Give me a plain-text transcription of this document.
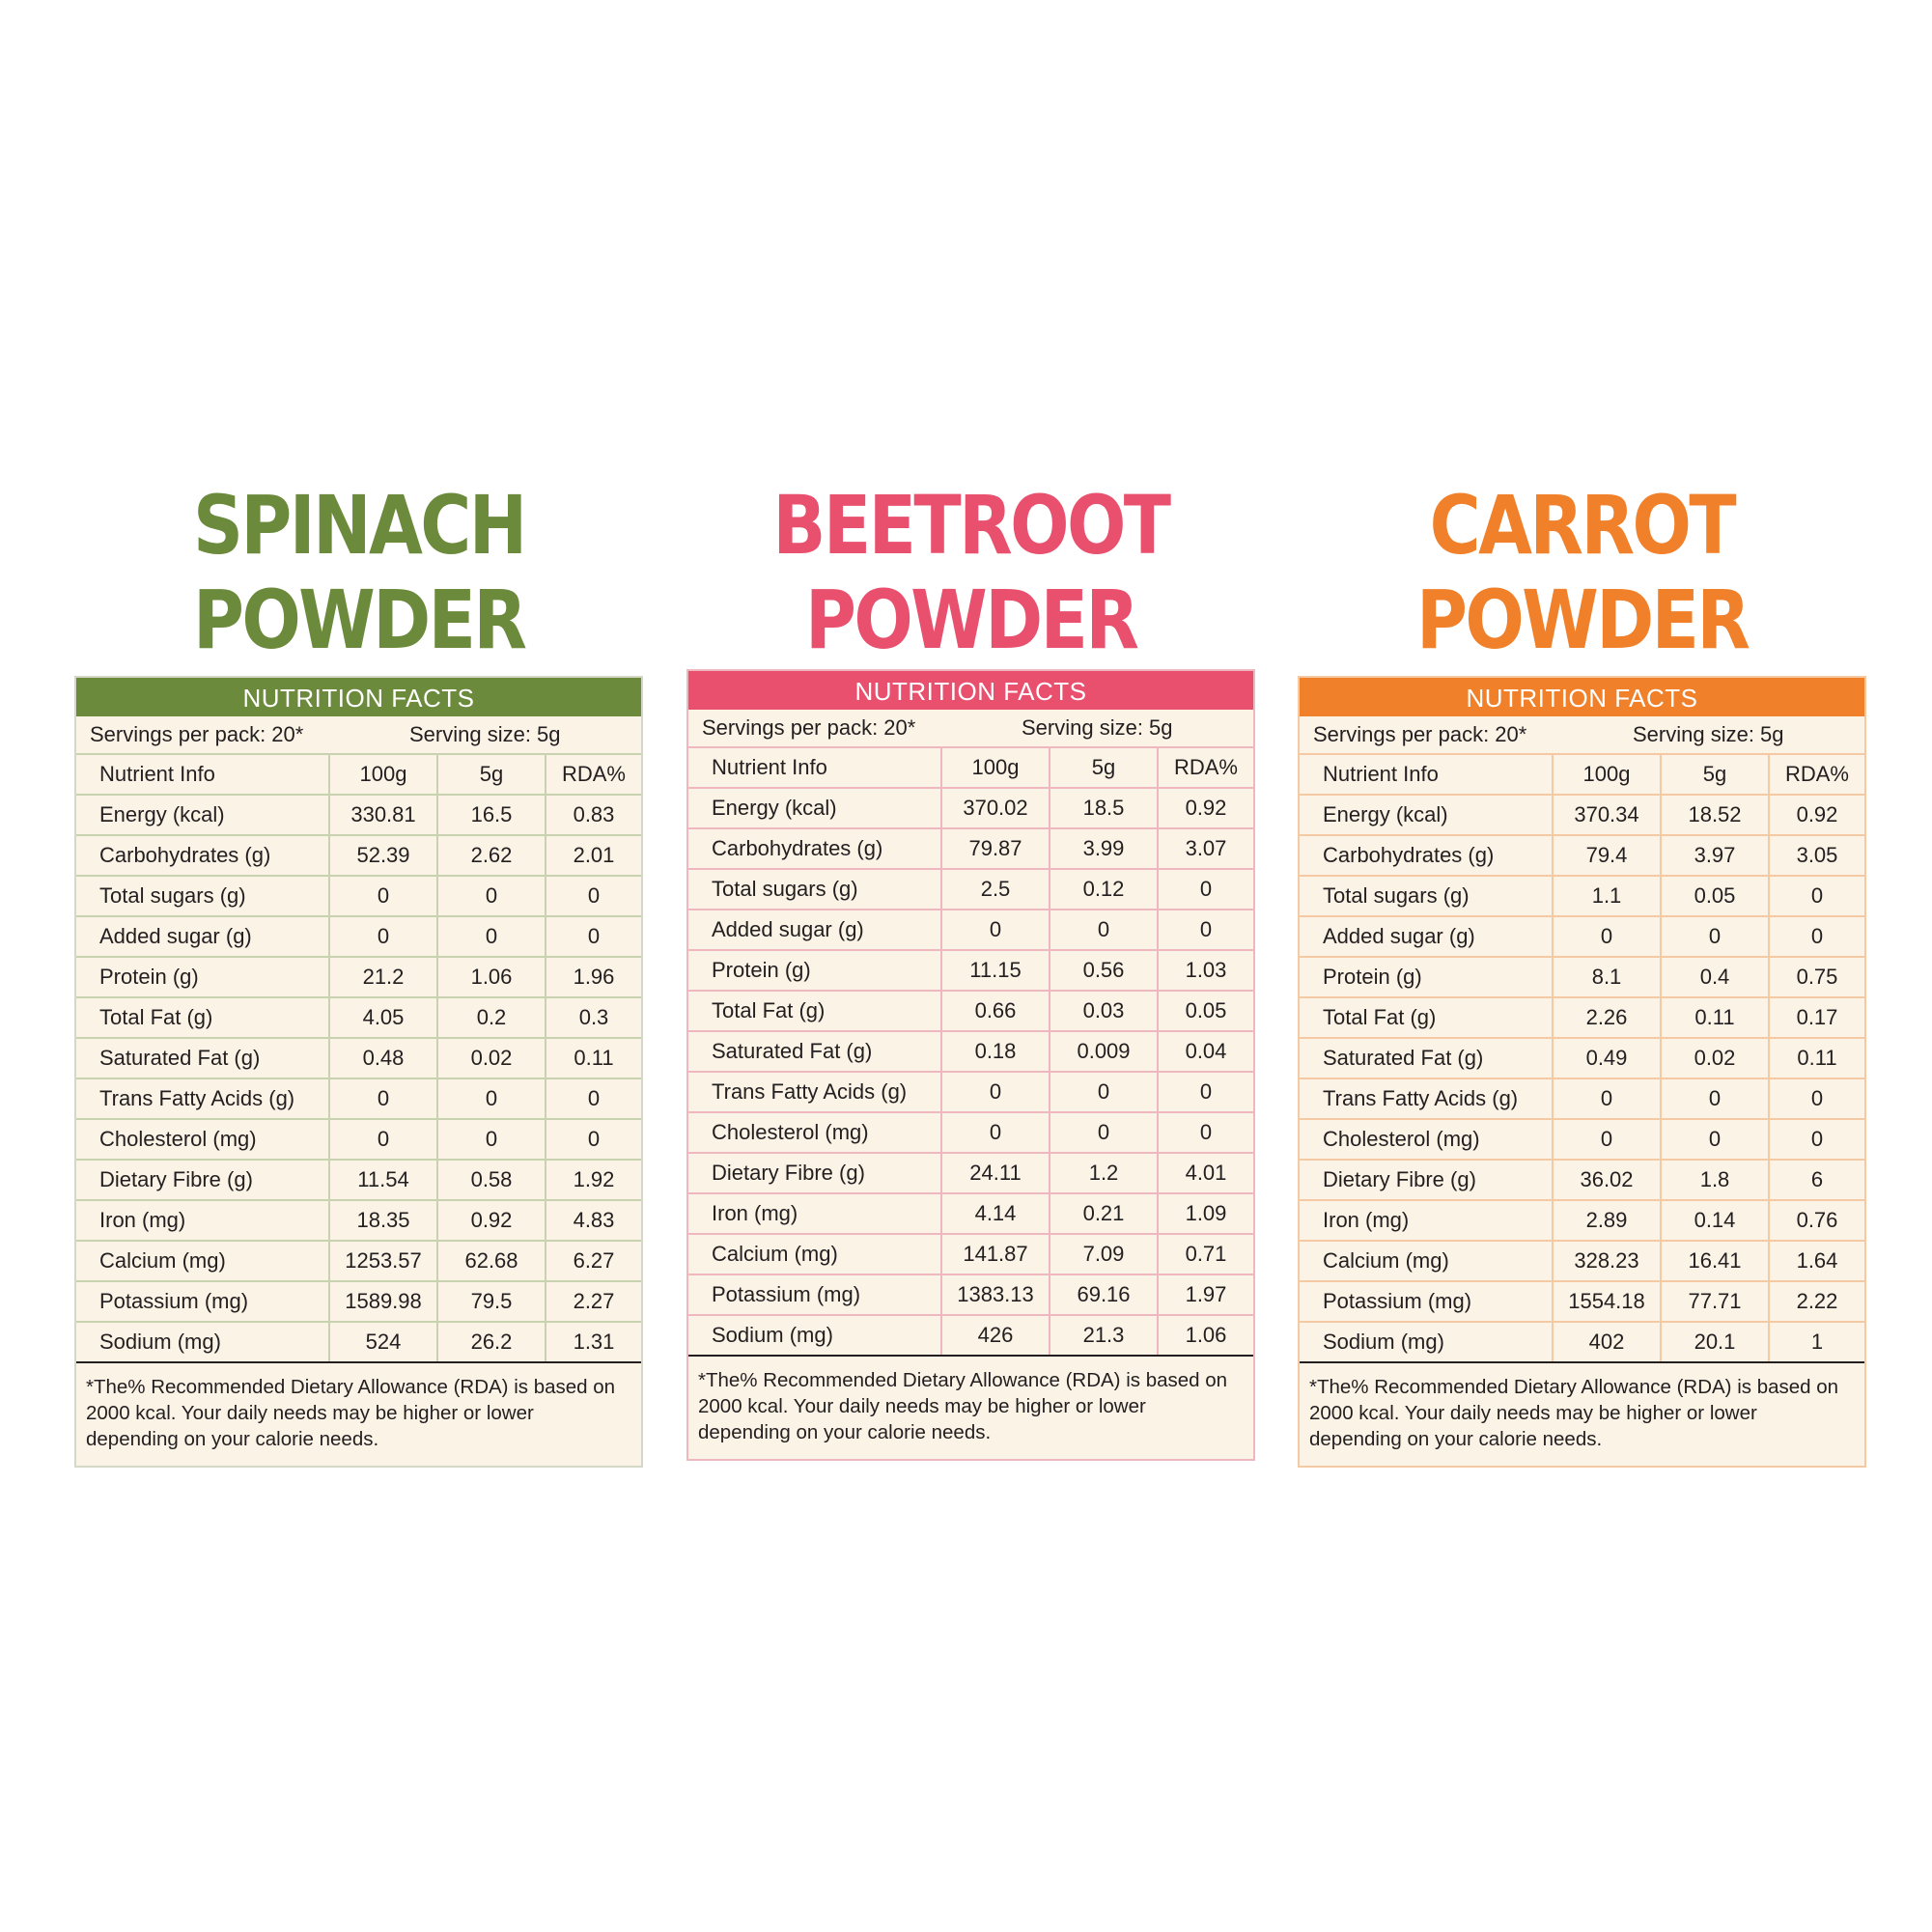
SPINACH
POWDER
NUTRITION FACTS
Servings per pack: 20*	Serving size: 5g
Nutrient Info	100g	5g	RDA%
Energy (kcal)	330.81	16.5	0.83
Carbohydrates (g)	52.39	2.62	2.01
Total sugars (g)	0	0	0
Added sugar (g)	0	0	0
Protein (g)	21.2	1.06	1.96
Total Fat (g)	4.05	0.2	0.3
Saturated Fat (g)	0.48	0.02	0.11
Trans Fatty Acids (g)	0	0	0
Cholesterol (mg)	0	0	0
Dietary Fibre (g)	11.54	0.58	1.92
Iron (mg)	18.35	0.92	4.83
Calcium (mg)	1253.57	62.68	6.27
Potassium (mg)	1589.98	79.5	2.27
Sodium (mg)	524	26.2	1.31
*The% Recommended Dietary Allowance (RDA) is based on 2000 kcal. Your daily needs may be higher or lower depending on your calorie needs.
BEETROOT
POWDER
NUTRITION FACTS
Servings per pack: 20*	Serving size: 5g
Nutrient Info	100g	5g	RDA%
Energy (kcal)	370.02	18.5	0.92
Carbohydrates (g)	79.87	3.99	3.07
Total sugars (g)	2.5	0.12	0
Added sugar (g)	0	0	0
Protein (g)	11.15	0.56	1.03
Total Fat (g)	0.66	0.03	0.05
Saturated Fat (g)	0.18	0.009	0.04
Trans Fatty Acids (g)	0	0	0
Cholesterol (mg)	0	0	0
Dietary Fibre (g)	24.11	1.2	4.01
Iron (mg)	4.14	0.21	1.09
Calcium (mg)	141.87	7.09	0.71
Potassium (mg)	1383.13	69.16	1.97
Sodium (mg)	426	21.3	1.06
*The% Recommended Dietary Allowance (RDA) is based on 2000 kcal. Your daily needs may be higher or lower depending on your calorie needs.
CARROT
POWDER
NUTRITION FACTS
Servings per pack: 20*	Serving size: 5g
Nutrient Info	100g	5g	RDA%
Energy (kcal)	370.34	18.52	0.92
Carbohydrates (g)	79.4	3.97	3.05
Total sugars (g)	1.1	0.05	0
Added sugar (g)	0	0	0
Protein (g)	8.1	0.4	0.75
Total Fat (g)	2.26	0.11	0.17
Saturated Fat (g)	0.49	0.02	0.11
Trans Fatty Acids (g)	0	0	0
Cholesterol (mg)	0	0	0
Dietary Fibre (g)	36.02	1.8	6
Iron (mg)	2.89	0.14	0.76
Calcium (mg)	328.23	16.41	1.64
Potassium (mg)	1554.18	77.71	2.22
Sodium (mg)	402	20.1	1
*The% Recommended Dietary Allowance (RDA) is based on 2000 kcal. Your daily needs may be higher or lower depending on your calorie needs.
